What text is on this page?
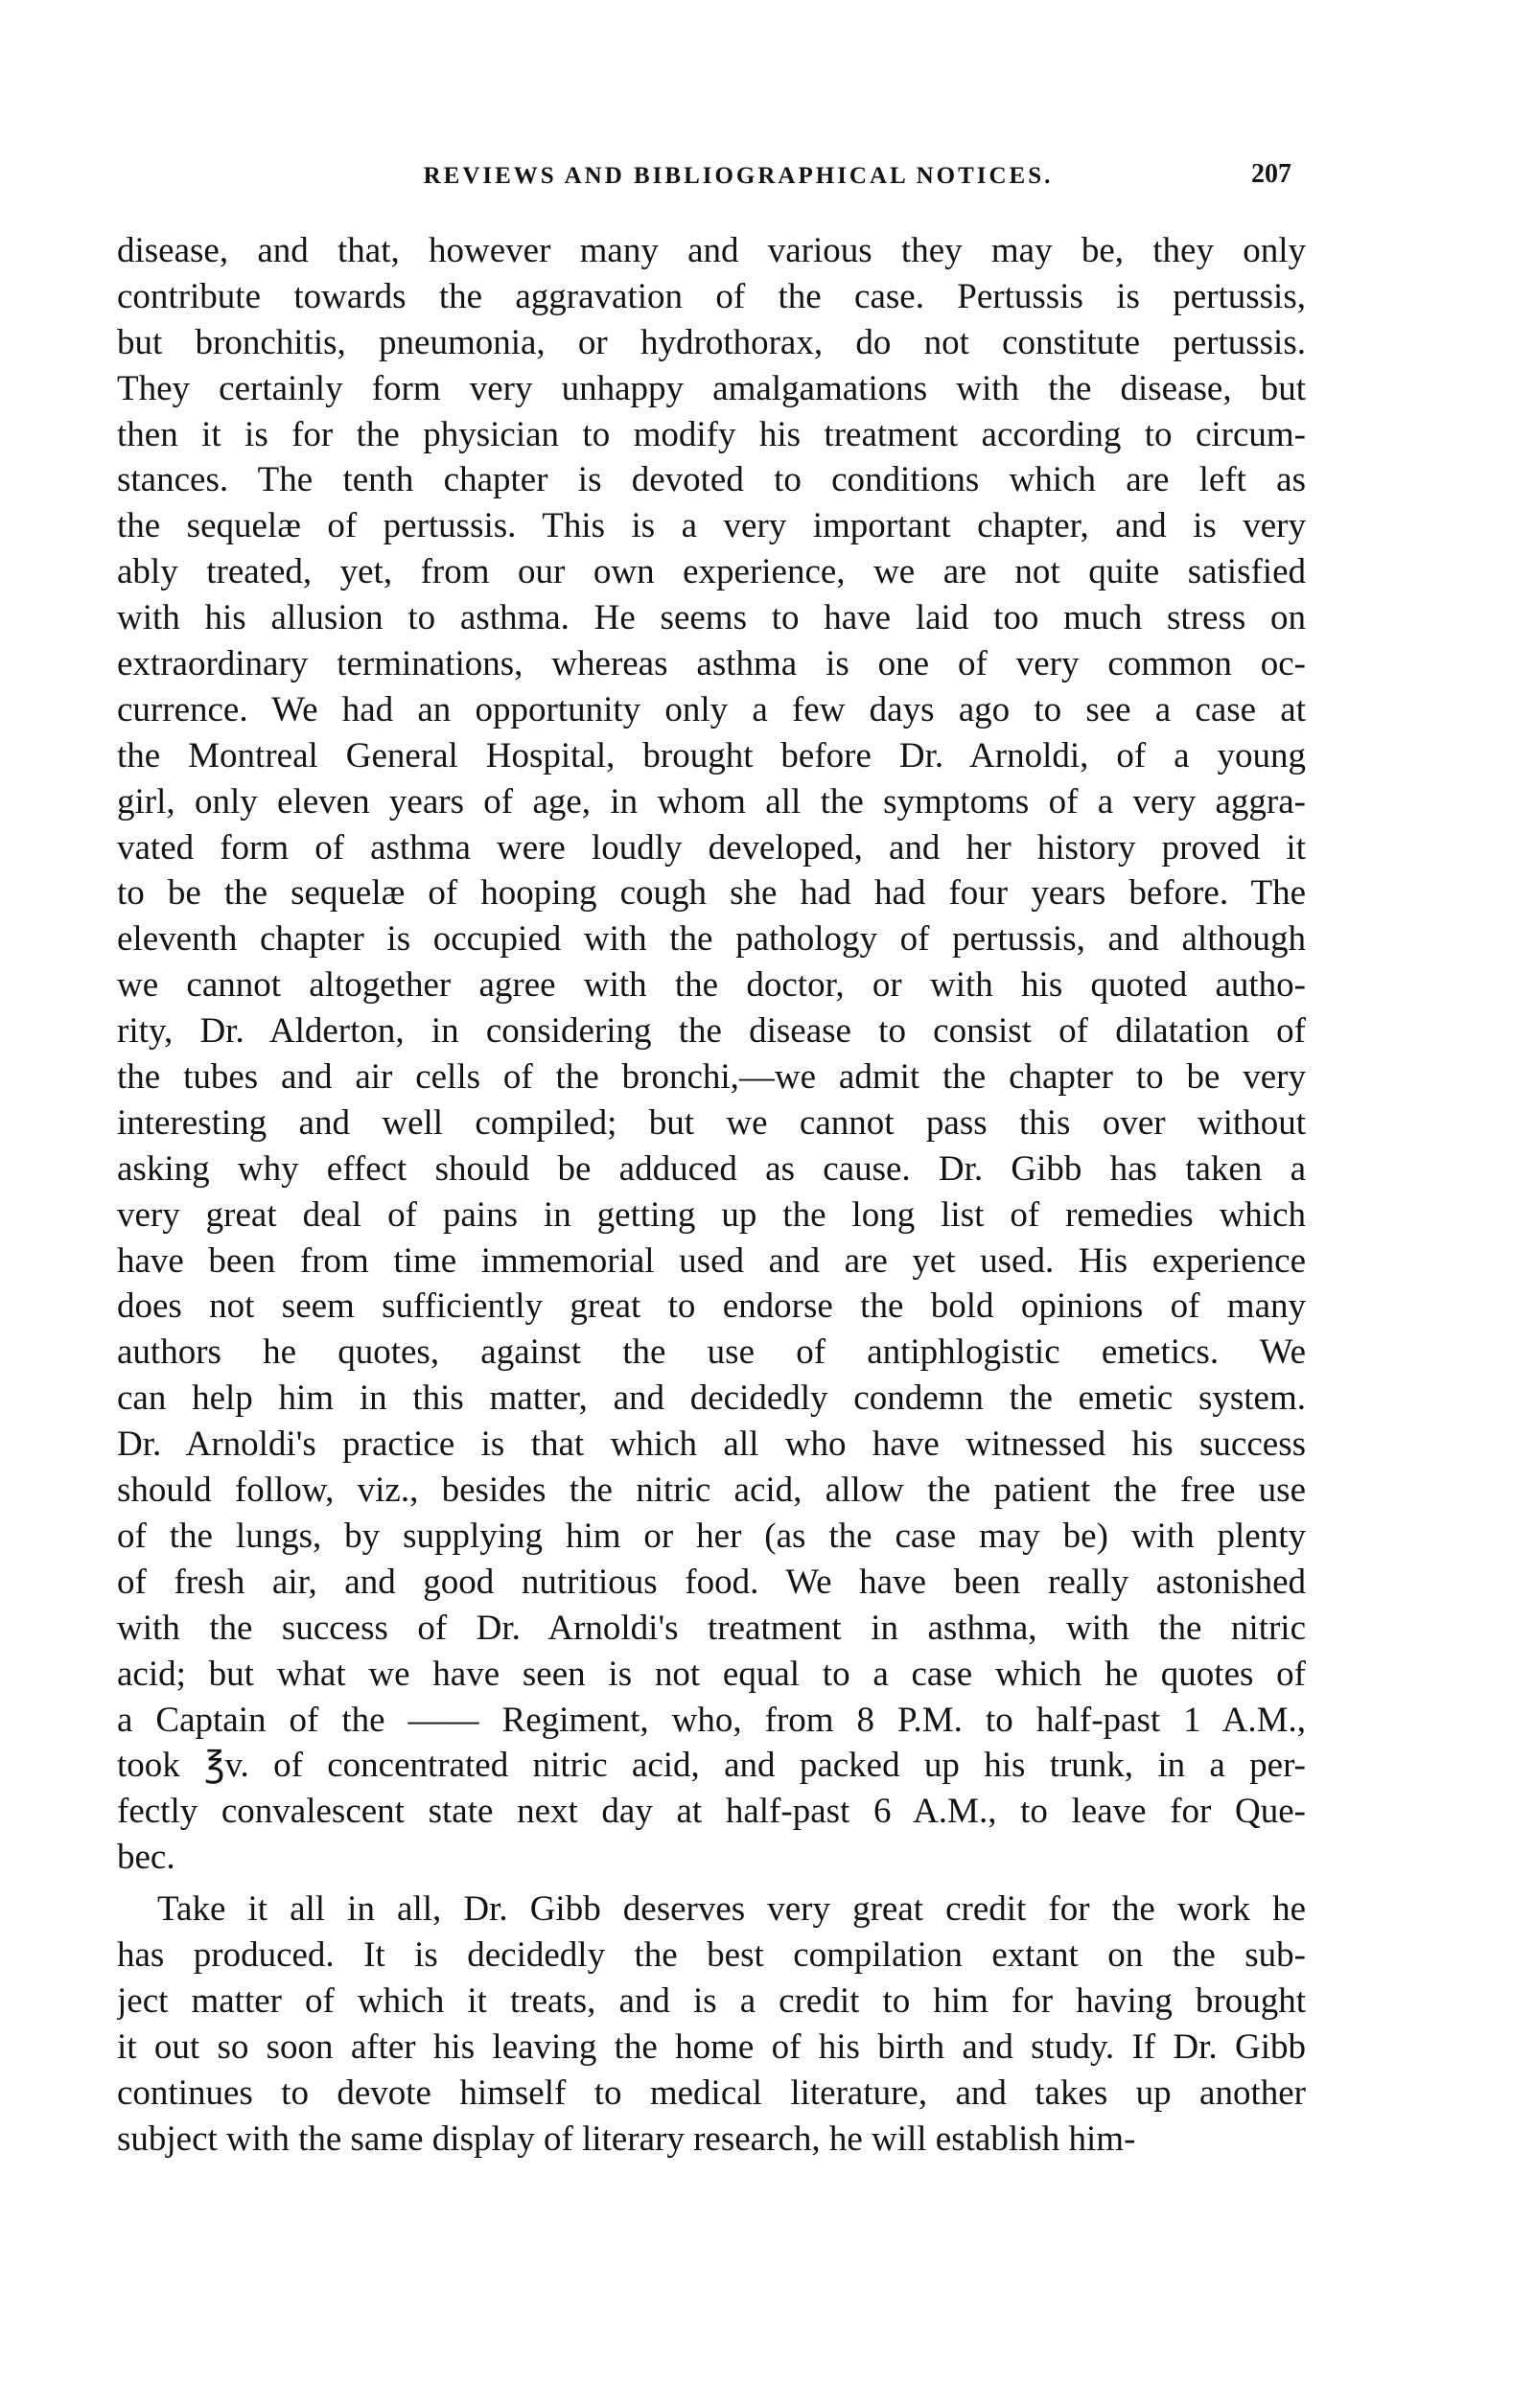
REVIEWS AND BIBLIOGRAPHICAL NOTICES.	207
disease, and that, however many and various they may be, they only
contribute towards the aggravation of the case. Pertussis is pertussis,
but bronchitis, pneumonia, or hydrothorax, do not constitute pertussis.
They certainly form very unhappy amalgamations with the disease, but
then it is for the physician to modify his treatment according to circum-
stances. The tenth chapter is devoted to conditions which are left as
the sequelæ of pertussis. This is a very important chapter, and is very
ably treated, yet, from our own experience, we are not quite satisfied
with his allusion to asthma. He seems to have laid too much stress on
extraordinary terminations, whereas asthma is one of very common oc-
currence. We had an opportunity only a few days ago to see a case at
the Montreal General Hospital, brought before Dr. Arnoldi, of a young
girl, only eleven years of age, in whom all the symptoms of a very aggra-
vated form of asthma were loudly developed, and her history proved it
to be the sequelæ of hooping cough she had had four years before. The
eleventh chapter is occupied with the pathology of pertussis, and although
we cannot altogether agree with the doctor, or with his quoted autho-
rity, Dr. Alderton, in considering the disease to consist of dilatation of
the tubes and air cells of the bronchi,—we admit the chapter to be very
interesting and well compiled; but we cannot pass this over without
asking why effect should be adduced as cause. Dr. Gibb has taken a
very great deal of pains in getting up the long list of remedies which
have been from time immemorial used and are yet used. His experience
does not seem sufficiently great to endorse the bold opinions of many
authors he quotes, against the use of antiphlogistic emetics. We
can help him in this matter, and decidedly condemn the emetic system.
Dr. Arnoldi's practice is that which all who have witnessed his success
should follow, viz., besides the nitric acid, allow the patient the free use
of the lungs, by supplying him or her (as the case may be) with plenty
of fresh air, and good nutritious food. We have been really astonished
with the success of Dr. Arnoldi's treatment in asthma, with the nitric
acid; but what we have seen is not equal to a case which he quotes of
a Captain of the —— Regiment, who, from 8 P.M. to half-past 1 A.M.,
took ℥v. of concentrated nitric acid, and packed up his trunk, in a per-
fectly convalescent state next day at half-past 6 A.M., to leave for Que-
bec.
Take it all in all, Dr. Gibb deserves very great credit for the work he
has produced. It is decidedly the best compilation extant on the sub-
ject matter of which it treats, and is a credit to him for having brought
it out so soon after his leaving the home of his birth and study. If Dr. Gibb
continues to devote himself to medical literature, and takes up another
subject with the same display of literary research, he will establish him-
